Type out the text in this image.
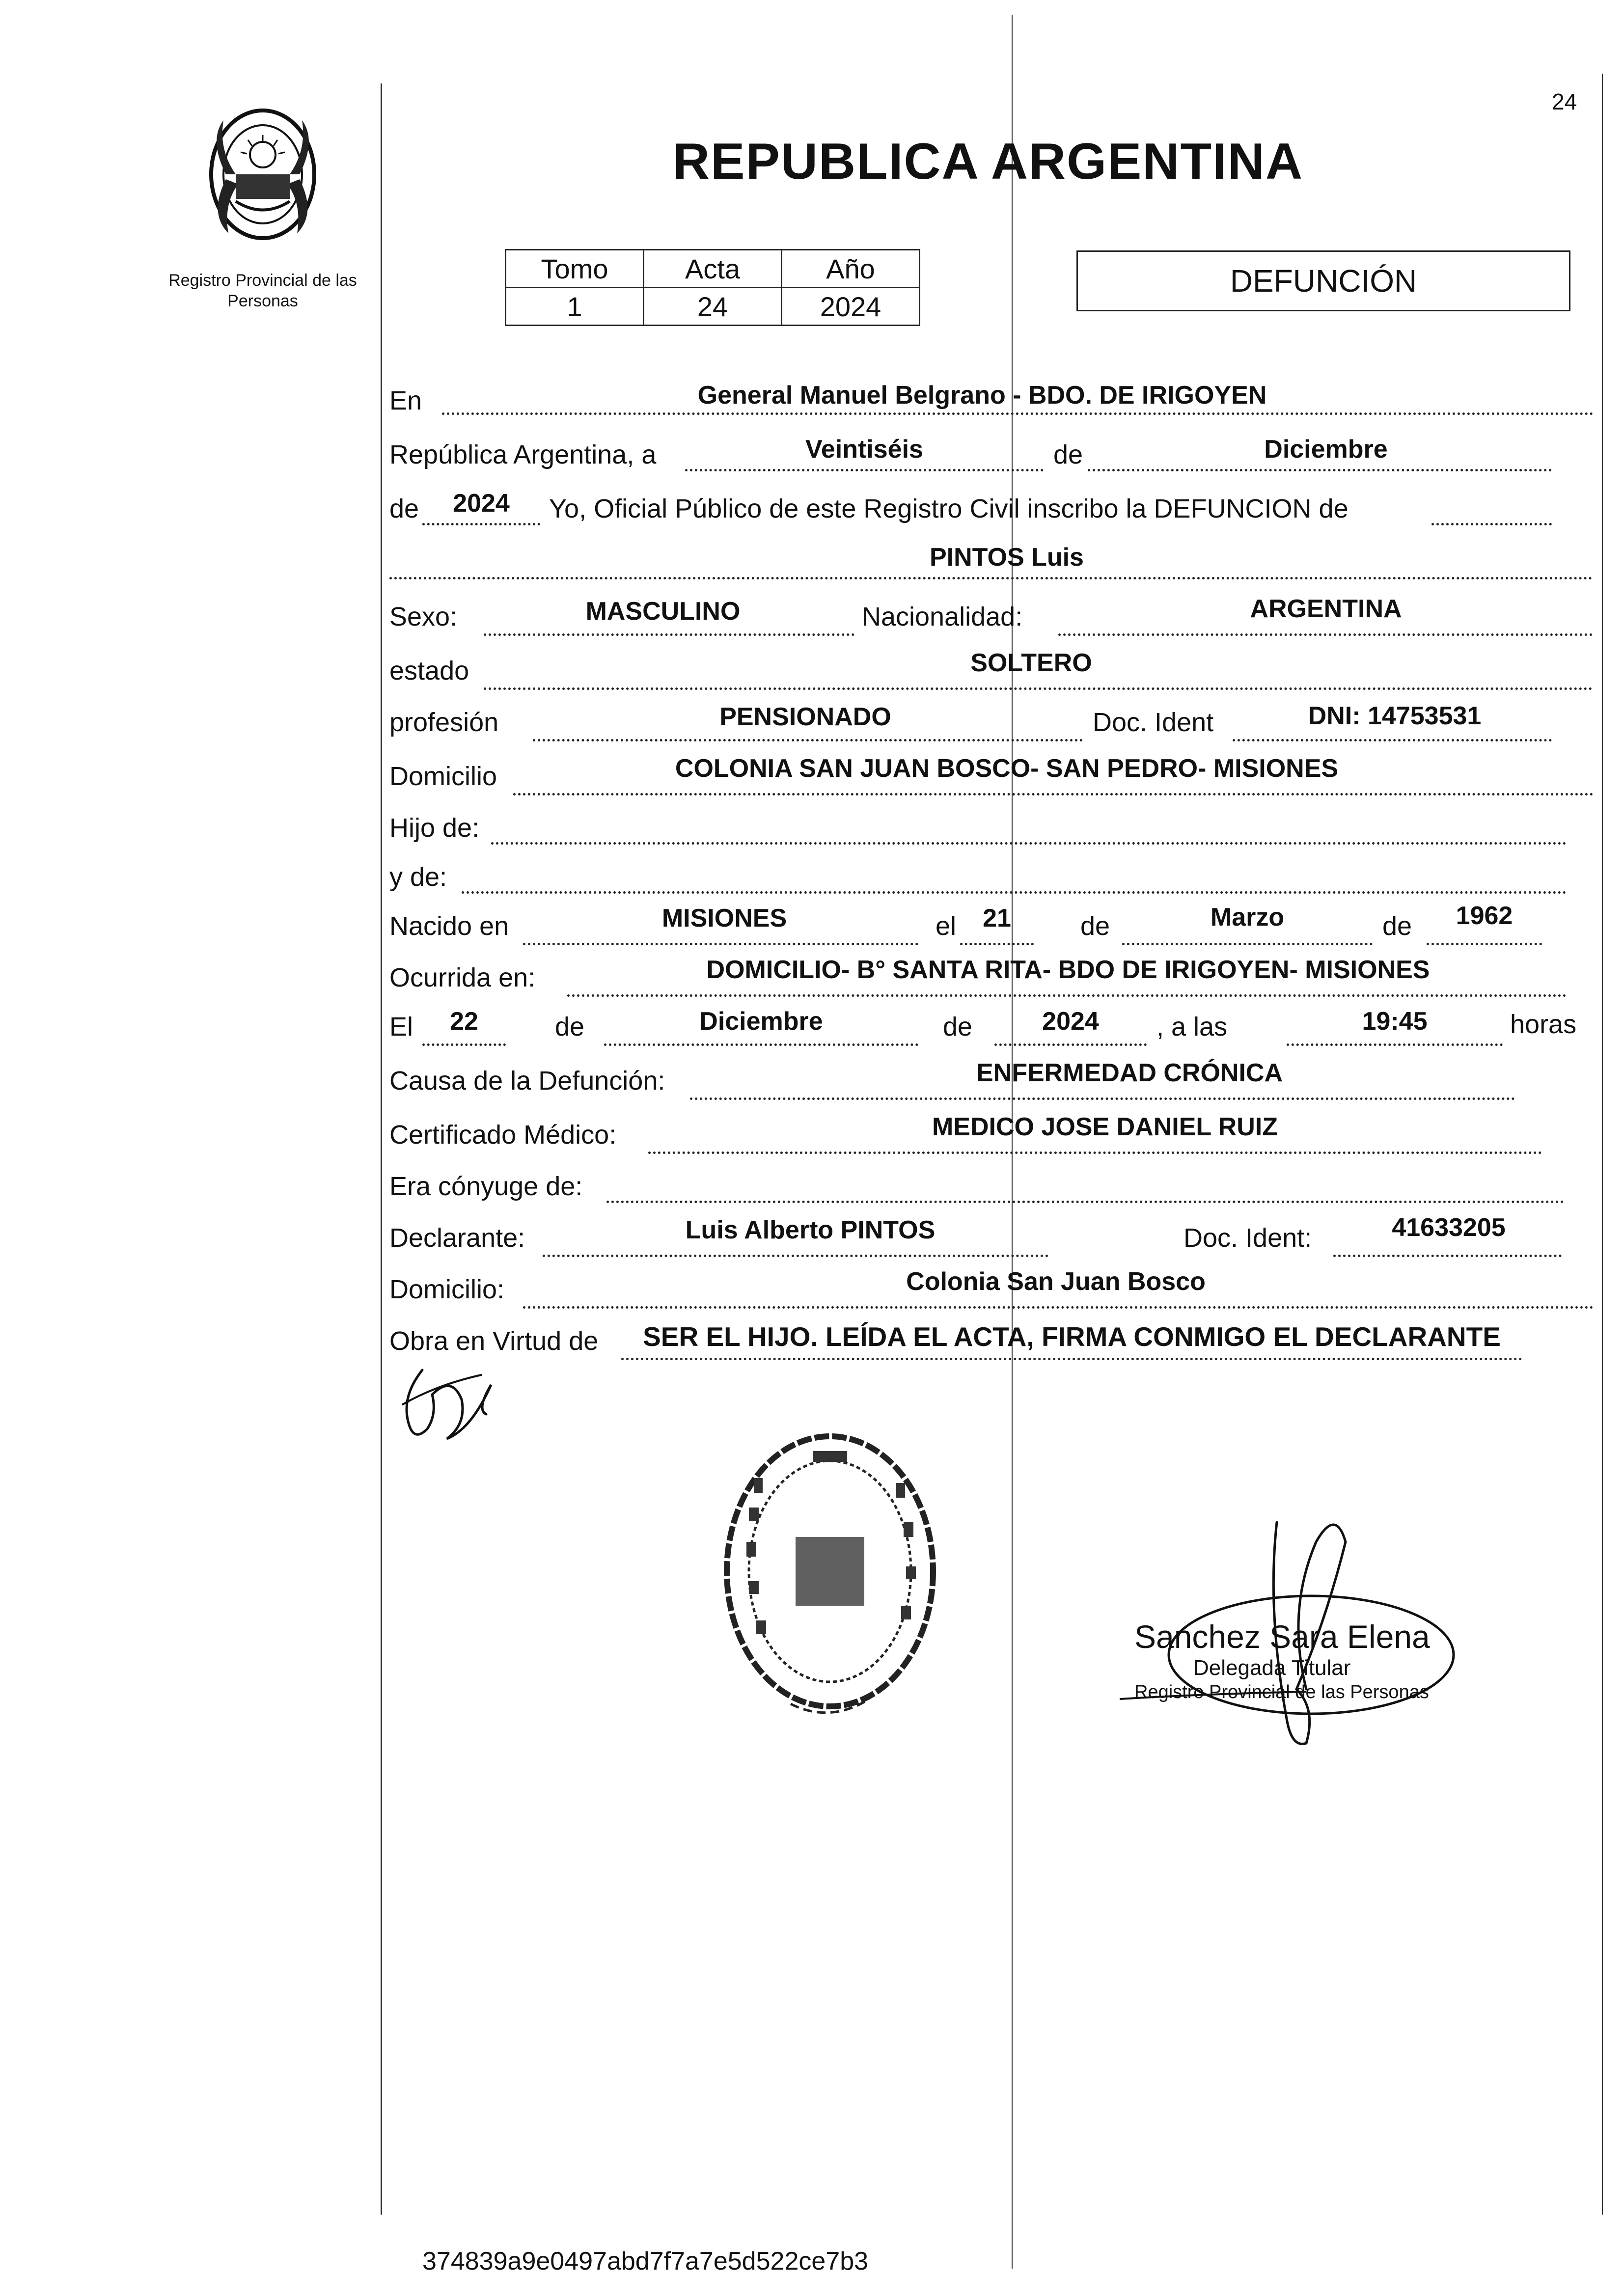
Registro Provincial de las Personas
REPUBLICA ARGENTINA
24
Tomo	Acta	Año
1	24	2024
DEFUNCIÓN
En	General Manuel Belgrano - BDO. DE IRIGOYEN
República Argentina, a	Veintiséis	de	Diciembre
de	2024	Yo, Oficial Público de este Registro Civil inscribo la DEFUNCION de
PINTOS Luis
Sexo:	MASCULINO	Nacionalidad:	ARGENTINA
estado	SOLTERO
profesión	PENSIONADO	Doc. Ident	DNI: 14753531
Domicilio	COLONIA SAN JUAN BOSCO- SAN PEDRO- MISIONES
Hijo de:
y de:
Nacido en	MISIONES	el	21	de	Marzo	de	1962
Ocurrida en:	DOMICILIO- B° SANTA RITA- BDO DE IRIGOYEN- MISIONES
El	22	de	Diciembre	de	2024	, a las	19:45	horas
Causa de la Defunción:	ENFERMEDAD CRÓNICA
Certificado Médico:	MEDICO JOSE DANIEL RUIZ
Era cónyuge de:
Declarante:	Luis Alberto PINTOS	Doc. Ident:	41633205
Domicilio:	Colonia San Juan Bosco
Obra en Virtud de	SER EL HIJO. LEÍDA EL ACTA, FIRMA CONMIGO EL DECLARANTE
Sanchez Sara Elena
Delegada Titular
Registro Provincial de las Personas
374839a9e0497abd7f7a7e5d522ce7b3
